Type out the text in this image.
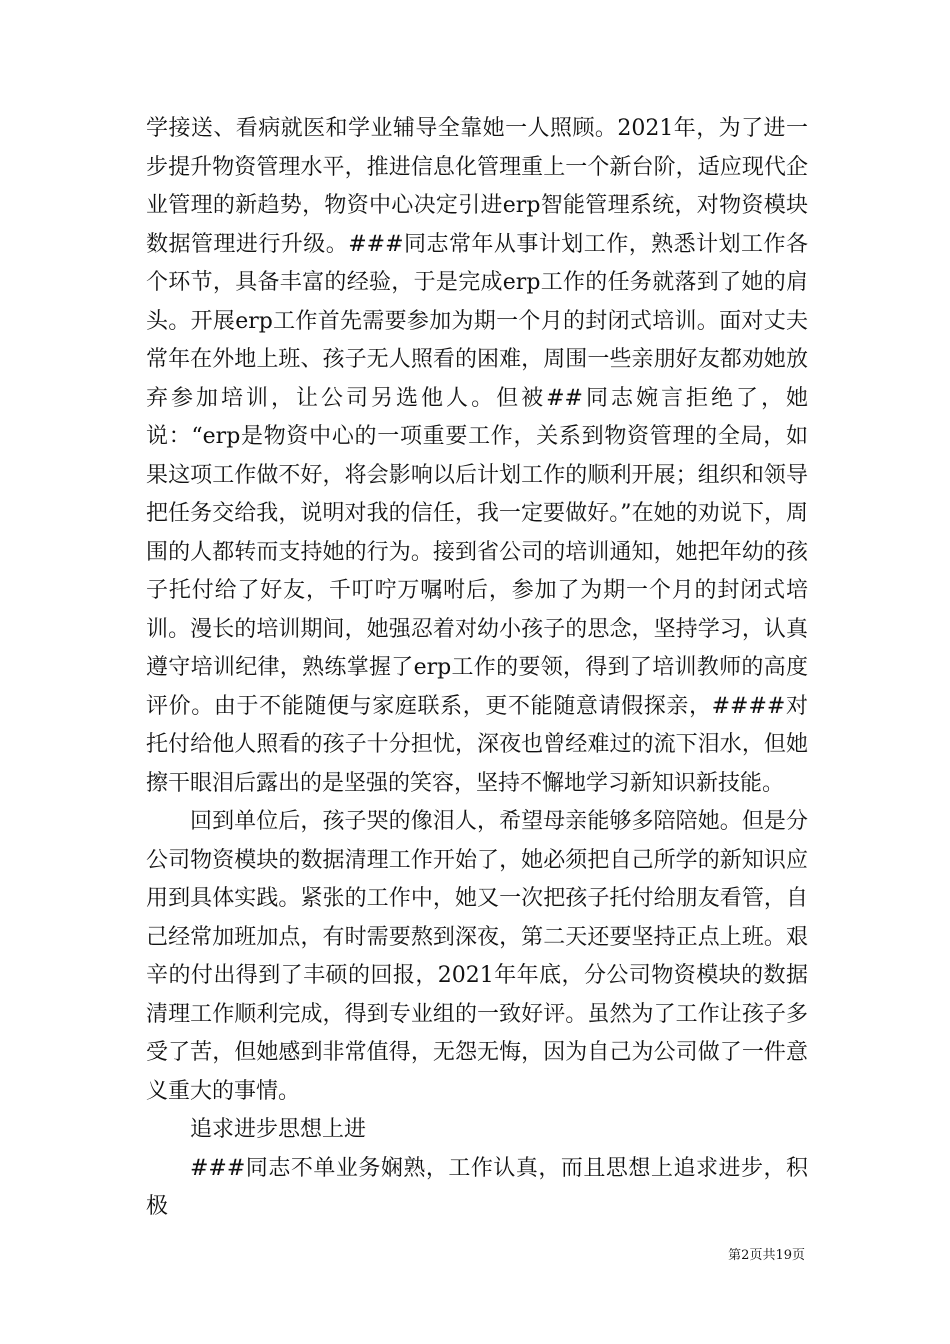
学接送、看病就医和学业辅导全靠她一人照顾。2021年，为了进一步提升物资管理水平，推进信息化管理重上一个新台阶，适应现代企业管理的新趋势，物资中心决定引进erp智能管理系统，对物资模块数据管理进行升级。###同志常年从事计划工作，熟悉计划工作各个环节，具备丰富的经验，于是完成erp工作的任务就落到了她的肩头。开展erp工作首先需要参加为期一个月的封闭式培训。面对丈夫常年在外地上班、孩子无人照看的困难，周围一些亲朋好友都劝她放弃参加培训，让公司另选他人。但被##同志婉言拒绝了，她说：“erp是物资中心的一项重要工作，关系到物资管理的全局，如果这项工作做不好，将会影响以后计划工作的顺利开展；组织和领导把任务交给我，说明对我的信任，我一定要做好。”在她的劝说下，周围的人都转而支持她的行为。接到省公司的培训通知，她把年幼的孩子托付给了好友，千叮咛万嘱咐后，参加了为期一个月的封闭式培训。漫长的培训期间，她强忍着对幼小孩子的思念，坚持学习，认真遵守培训纪律，熟练掌握了erp工作的要领，得到了培训教师的高度评价。由于不能随便与家庭联系，更不能随意请假探亲，####对托付给他人照看的孩子十分担忧，深夜也曾经难过的流下泪水，但她擦干眼泪后露出的是坚强的笑容，坚持不懈地学习新知识新技能。

回到单位后，孩子哭的像泪人，希望母亲能够多陪陪她。但是分公司物资模块的数据清理工作开始了，她必须把自己所学的新知识应用到具体实践。紧张的工作中，她又一次把孩子托付给朋友看管，自己经常加班加点，有时需要熬到深夜，第二天还要坚持正点上班。艰辛的付出得到了丰硕的回报，2021年年底，分公司物资模块的数据清理工作顺利完成，得到专业组的一致好评。虽然为了工作让孩子多受了苦，但她感到非常值得，无怨无悔，因为自己为公司做了一件意义重大的事情。

追求进步思想上进

###同志不单业务娴熟，工作认真，而且思想上追求进步，积极

第2页共19页
